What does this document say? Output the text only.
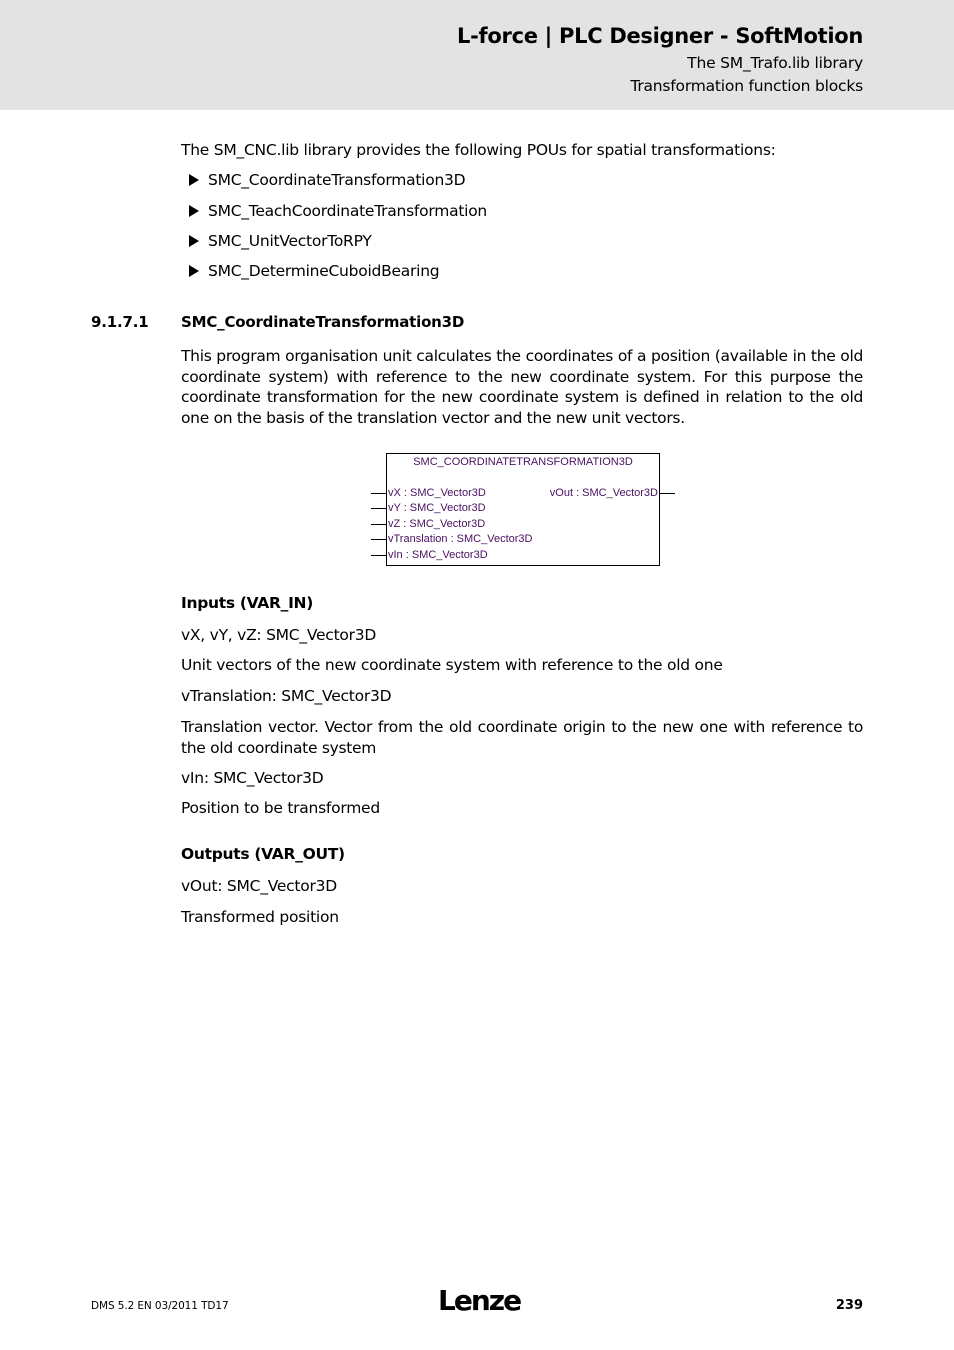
L-force | PLC Designer - SoftMotion
The SM_Trafo.lib library
Transformation function blocks
The SM_CNC.lib library provides the following POUs for spatial transformations:
SMC_CoordinateTransformation3D
SMC_TeachCoordinateTransformation
SMC_UnitVectorToRPY
SMC_DetermineCuboidBearing
9.1.7.1 SMC_CoordinateTransformation3D
This program organisation unit calculates the coordinates of a position (available in the old coordinate system) with reference to the new coordinate system. For this purpose the coordinate transformation for the new coordinate system is defined in relation to the old one on the basis of the translation vector and the new unit vectors.
SMC_COORDINATETRANSFORMATION3D
vX : SMC_Vector3D
vY : SMC_Vector3D
vZ : SMC_Vector3D
vTranslation : SMC_Vector3D
vIn : SMC_Vector3D
vOut : SMC_Vector3D
Inputs (VAR_IN)
vX, vY, vZ: SMC_Vector3D
Unit vectors of the new coordinate system with reference to the old one
vTranslation: SMC_Vector3D
Translation vector. Vector from the old coordinate origin to the new one with reference to the old coordinate system
vIn: SMC_Vector3D
Position to be transformed
Outputs (VAR_OUT)
vOut: SMC_Vector3D
Transformed position
DMS 5.2 EN 03/2011 TD17	Lenze	239
